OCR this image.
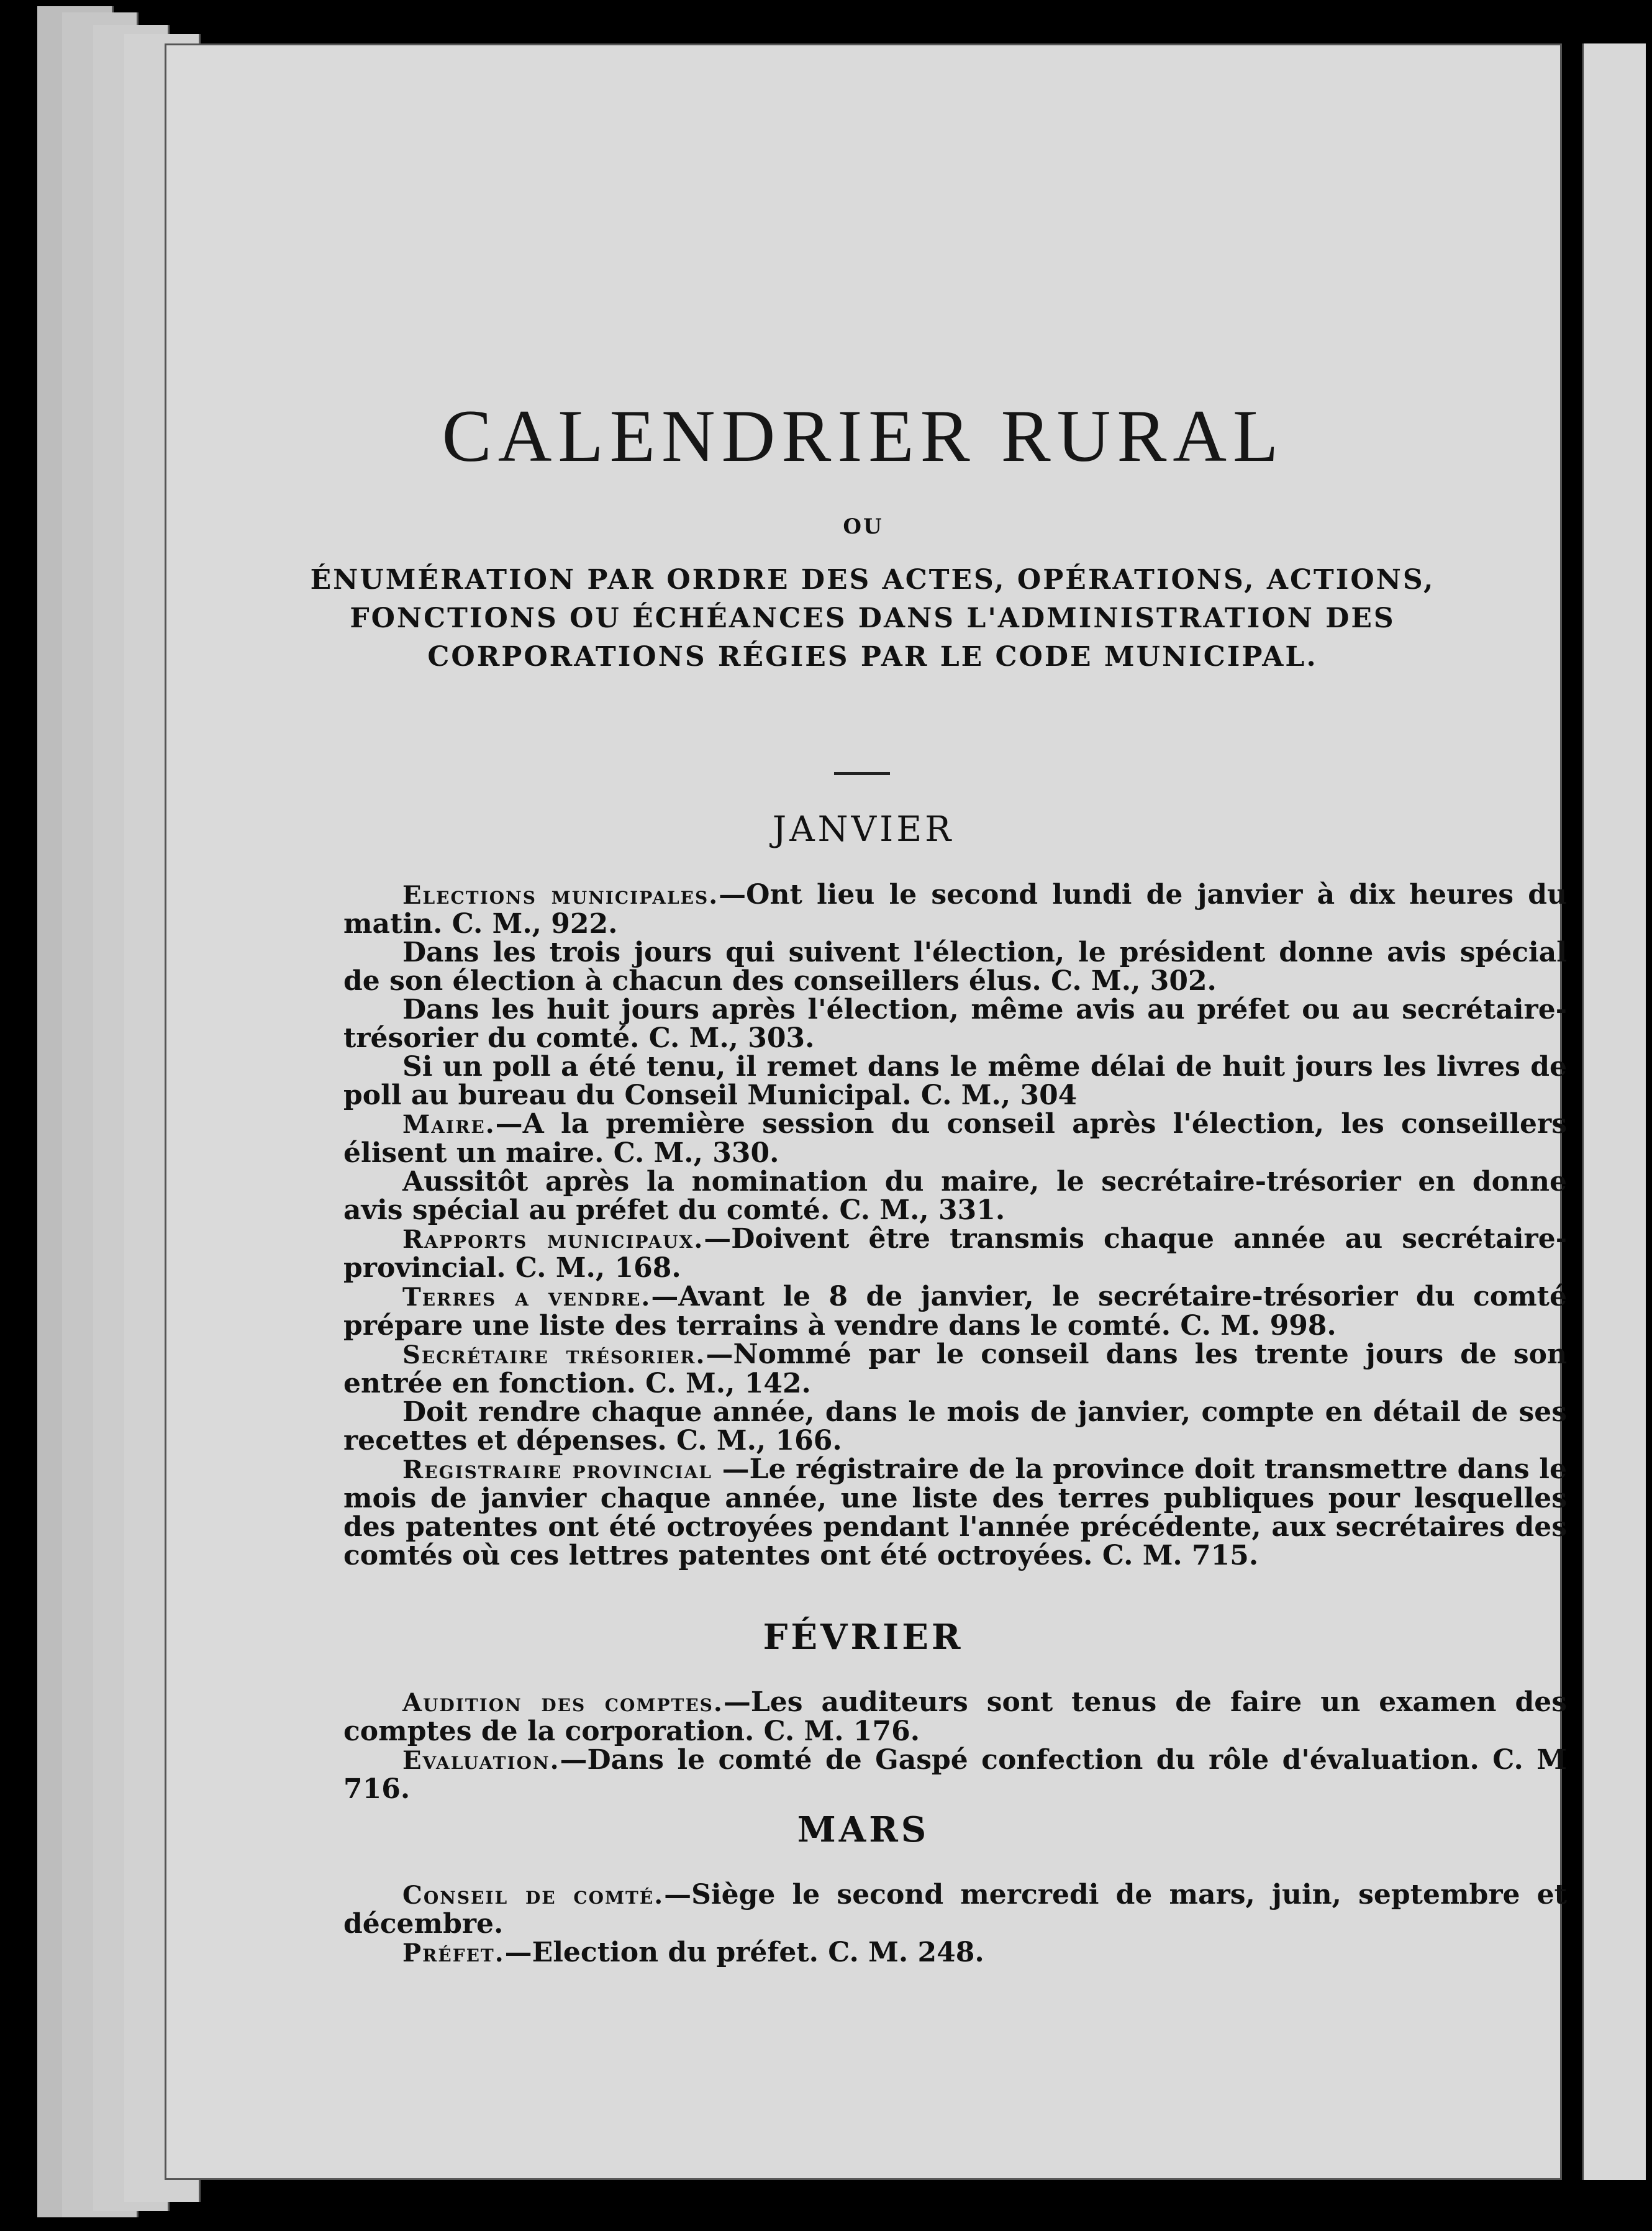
CALENDRIER RURAL
OU
ÉNUMÉRATION PAR ORDRE DES ACTES, OPÉRATIONS, ACTIONS, FONCTIONS OU ÉCHÉANCES DANS L'ADMINISTRATION DES CORPORATIONS RÉGIES PAR LE CODE MUNICIPAL.
JANVIER

Elections municipales.—Ont lieu le second lundi de janvier à dix heures du matin. C. M., 922.

Dans les trois jours qui suivent l'élection, le président donne avis spécial de son élection à chacun des conseillers élus. C. M., 302.

Dans les huit jours après l'élection, même avis au préfet ou au secrétaire-trésorier du comté. C. M., 303.

Si un poll a été tenu, il remet dans le même délai de huit jours les livres de poll au bureau du Conseil Municipal. C. M., 304

Maire.—A la première session du conseil après l'élection, les conseillers élisent un maire. C. M., 330.

Aussitôt après la nomination du maire, le secrétaire-trésorier en donne avis spécial au préfet du comté. C. M., 331.

Rapports municipaux.—Doivent être transmis chaque année au secrétaire-provincial. C. M., 168.

Terres a vendre.—Avant le 8 de janvier, le secrétaire-trésorier du comté prépare une liste des terrains à vendre dans le comté. C. M. 998.

Secrétaire trésorier.—Nommé par le conseil dans les trente jours de son entrée en fonction. C. M., 142.

Doit rendre chaque année, dans le mois de janvier, compte en détail de ses recettes et dépenses. C. M., 166.

Registraire provincial —Le régistraire de la province doit transmettre dans le mois de janvier chaque année, une liste des terres publiques pour lesquelles des patentes ont été octroyées pendant l'année précédente, aux secrétaires des comtés où ces lettres patentes ont été octroyées. C. M. 715.

FÉVRIER

Audition des comptes.—Les auditeurs sont tenus de faire un examen des comptes de la corporation. C. M. 176.

Evaluation.—Dans le comté de Gaspé confection du rôle d'évaluation. C. M 716.

MARS

Conseil de comté.—Siège le second mercredi de mars, juin, septembre et décembre.

Préfet.—Election du préfet. C. M. 248.
